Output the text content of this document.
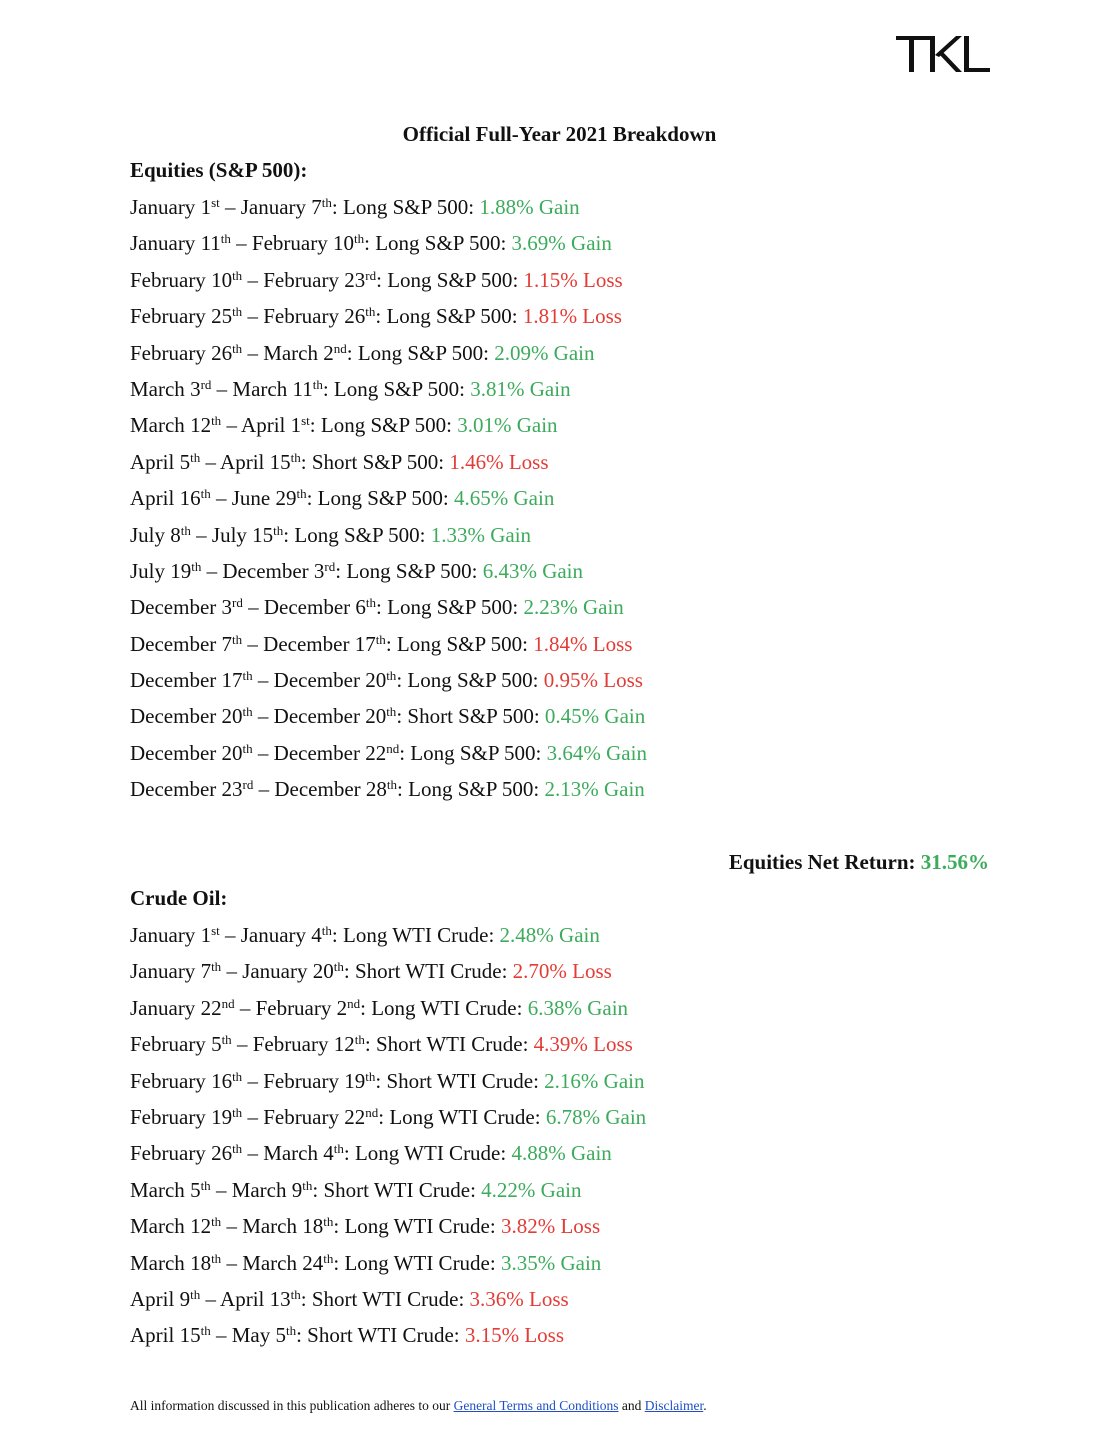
Official Full-Year 2021 Breakdown
Equities (S&P 500):
January 1st – January 7th: Long S&P 500: 1.88% Gain
January 11th – February 10th: Long S&P 500: 3.69% Gain
February 10th – February 23rd: Long S&P 500: 1.15% Loss
February 25th – February 26th: Long S&P 500: 1.81% Loss
February 26th – March 2nd: Long S&P 500: 2.09% Gain
March 3rd – March 11th: Long S&P 500: 3.81% Gain
March 12th – April 1st: Long S&P 500: 3.01% Gain
April 5th – April 15th: Short S&P 500: 1.46% Loss
April 16th – June 29th: Long S&P 500: 4.65% Gain
July 8th – July 15th: Long S&P 500: 1.33% Gain
July 19th – December 3rd: Long S&P 500: 6.43% Gain
December 3rd – December 6th: Long S&P 500: 2.23% Gain
December 7th – December 17th: Long S&P 500: 1.84% Loss
December 17th – December 20th: Long S&P 500: 0.95% Loss
December 20th – December 20th: Short S&P 500: 0.45% Gain
December 20th – December 22nd: Long S&P 500: 3.64% Gain
December 23rd – December 28th: Long S&P 500: 2.13% Gain
Equities Net Return: 31.56%
Crude Oil:
January 1st – January 4th: Long WTI Crude: 2.48% Gain
January 7th – January 20th: Short WTI Crude: 2.70% Loss
January 22nd – February 2nd: Long WTI Crude: 6.38% Gain
February 5th – February 12th: Short WTI Crude: 4.39% Loss
February 16th – February 19th: Short WTI Crude: 2.16% Gain
February 19th – February 22nd: Long WTI Crude: 6.78% Gain
February 26th – March 4th: Long WTI Crude: 4.88% Gain
March 5th – March 9th: Short WTI Crude: 4.22% Gain
March 12th – March 18th: Long WTI Crude: 3.82% Loss
March 18th – March 24th: Long WTI Crude: 3.35% Gain
April 9th – April 13th: Short WTI Crude: 3.36% Loss
April 15th – May 5th: Short WTI Crude: 3.15% Loss
All information discussed in this publication adheres to our General Terms and Conditions and Disclaimer.
